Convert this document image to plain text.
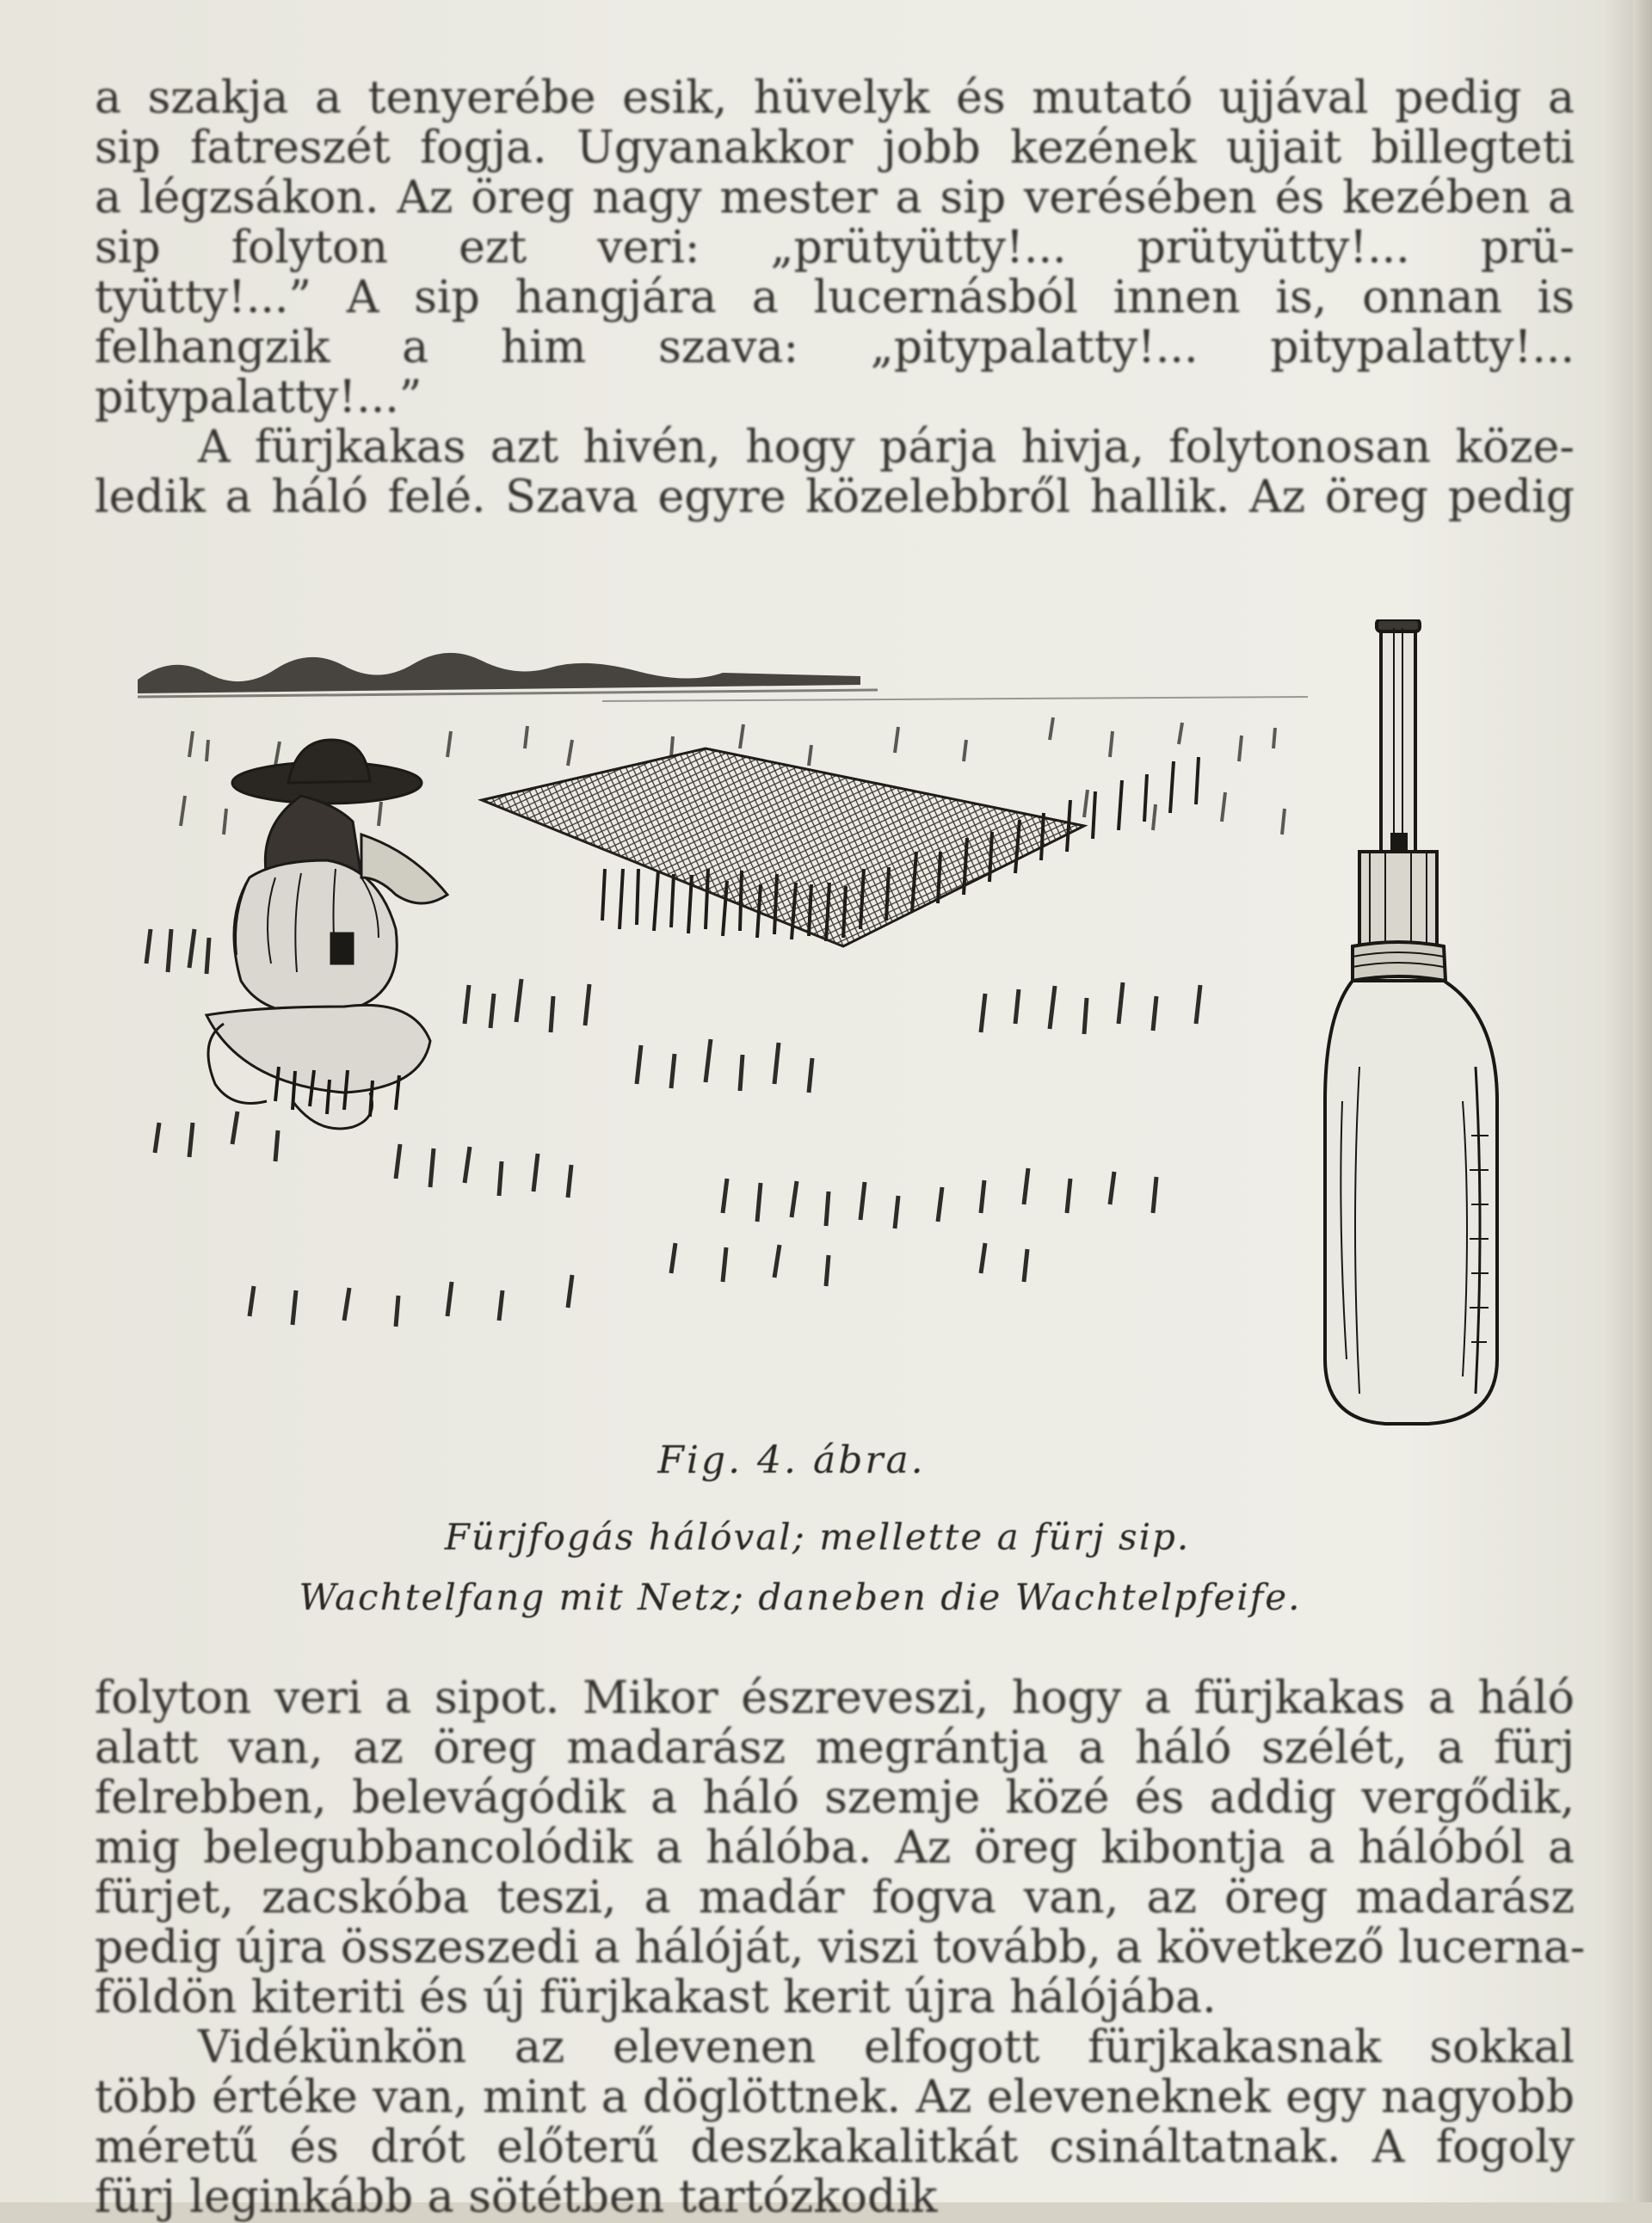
a szakja a tenyerébe esik, hüvelyk és mutató ujjával pedig a
sip fatreszét fogja. Ugyanakkor jobb kezének ujjait billegteti
a légzsákon. Az öreg nagy mester a sip verésében és kezében a
sip folyton ezt veri: „prütyütty!... prütyütty!... prü-
tyütty!...” A sip hangjára a lucernásból innen is, onnan is
felhangzik a him szava: „pitypalatty!... pitypalatty!...
pitypalatty!...”
A fürjkakas azt hivén, hogy párja hivja, folytonosan köze-
ledik a háló felé. Szava egyre közelebbről hallik. Az öreg pedig
Fig. 4. ábra.
Fürjfogás hálóval; mellette a fürj sip.
Wachtelfang mit Netz; daneben die Wachtelpfeife.
folyton veri a sipot. Mikor észreveszi, hogy a fürjkakas a háló
alatt van, az öreg madarász megrántja a háló szélét, a fürj
felrebben, belevágódik a háló szemje közé és addig vergődik,
mig belegubbancolódik a hálóba. Az öreg kibontja a hálóból a
fürjet, zacskóba teszi, a madár fogva van, az öreg madarász
pedig újra összeszedi a hálóját, viszi tovább, a következő lucerna-
földön kiteriti és új fürjkakast kerit újra hálójába.
Vidékünkön az elevenen elfogott fürjkakasnak sokkal
több értéke van, mint a döglöttnek. Az eleveneknek egy nagyobb
méretű és drót előterű deszkakalitkát csináltatnak. A fogoly
fürj leginkább a sötétben tartózkodik
